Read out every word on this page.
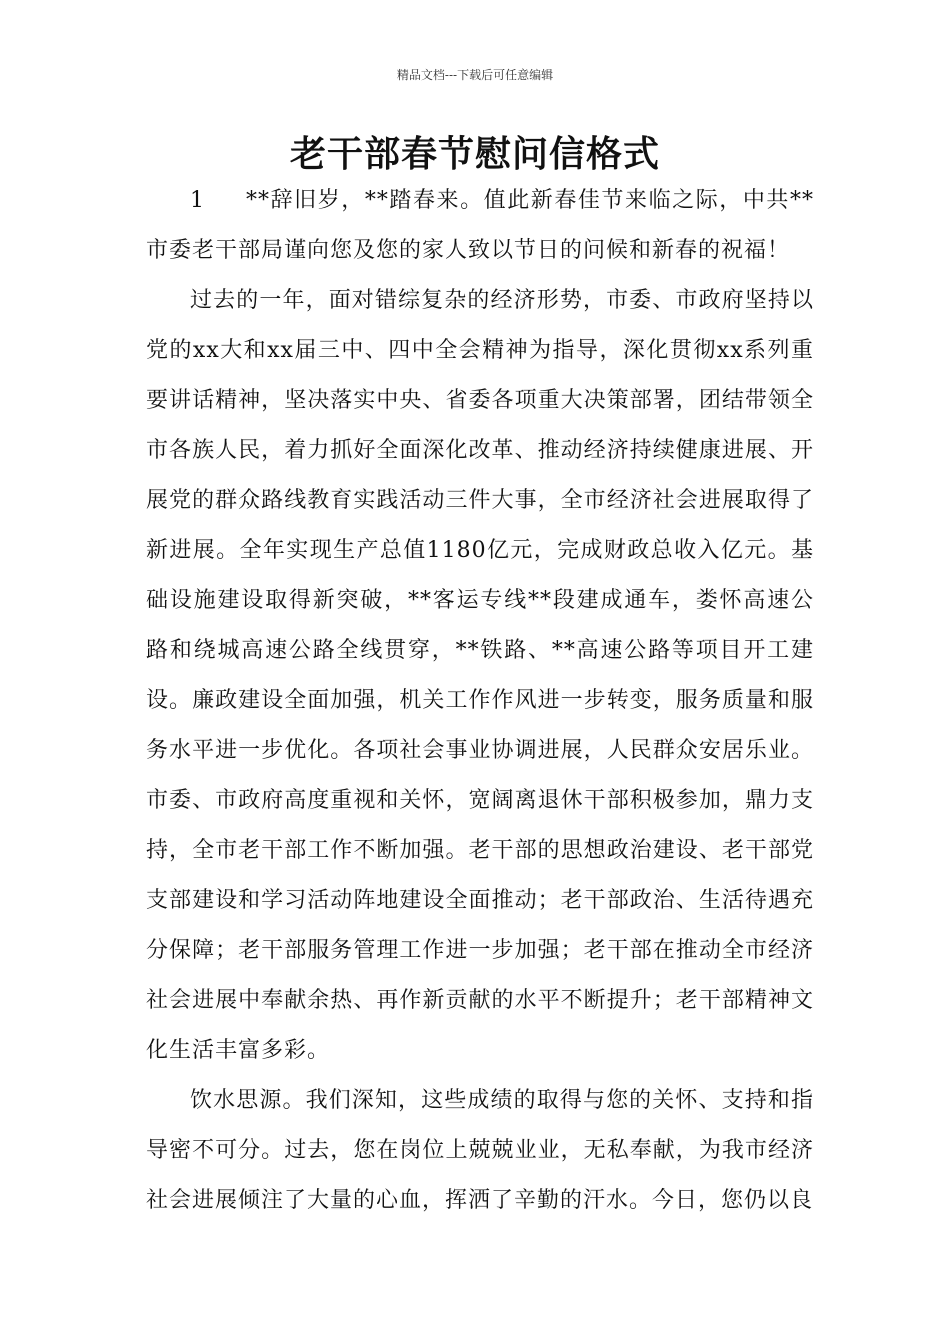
精品文档---下载后可任意编辑
老干部春节慰问信格式

1 **辞旧岁，**踏春来。值此新春佳节来临之际，中共**市委老干部局谨向您及您的家人致以节日的问候和新春的祝福！

过去的一年，面对错综复杂的经济形势，市委、市政府坚持以党的xx大和xx届三中、四中全会精神为指导，深化贯彻xx系列重要讲话精神，坚决落实中央、省委各项重大决策部署，团结带领全市各族人民，着力抓好全面深化改革、推动经济持续健康进展、开展党的群众路线教育实践活动三件大事，全市经济社会进展取得了新进展。全年实现生产总值1180亿元，完成财政总收入亿元。基础设施建设取得新突破，**客运专线**段建成通车，娄怀高速公路和绕城高速公路全线贯穿，**铁路、**高速公路等项目开工建设。廉政建设全面加强，机关工作作风进一步转变，服务质量和服务水平进一步优化。各项社会事业协调进展，人民群众安居乐业。市委、市政府高度重视和关怀，宽阔离退休干部积极参加，鼎力支持，全市老干部工作不断加强。老干部的思想政治建设、老干部党支部建设和学习活动阵地建设全面推动；老干部政治、生活待遇充分保障；老干部服务管理工作进一步加强；老干部在推动全市经济社会进展中奉献余热、再作新贡献的水平不断提升；老干部精神文化生活丰富多彩。

饮水思源。我们深知，这些成绩的取得与您的关怀、支持和指导密不可分。过去，您在岗位上兢兢业业，无私奉献，为我市经济社会进展倾注了大量的心血，挥洒了辛勤的汗水。今日，您仍以良
